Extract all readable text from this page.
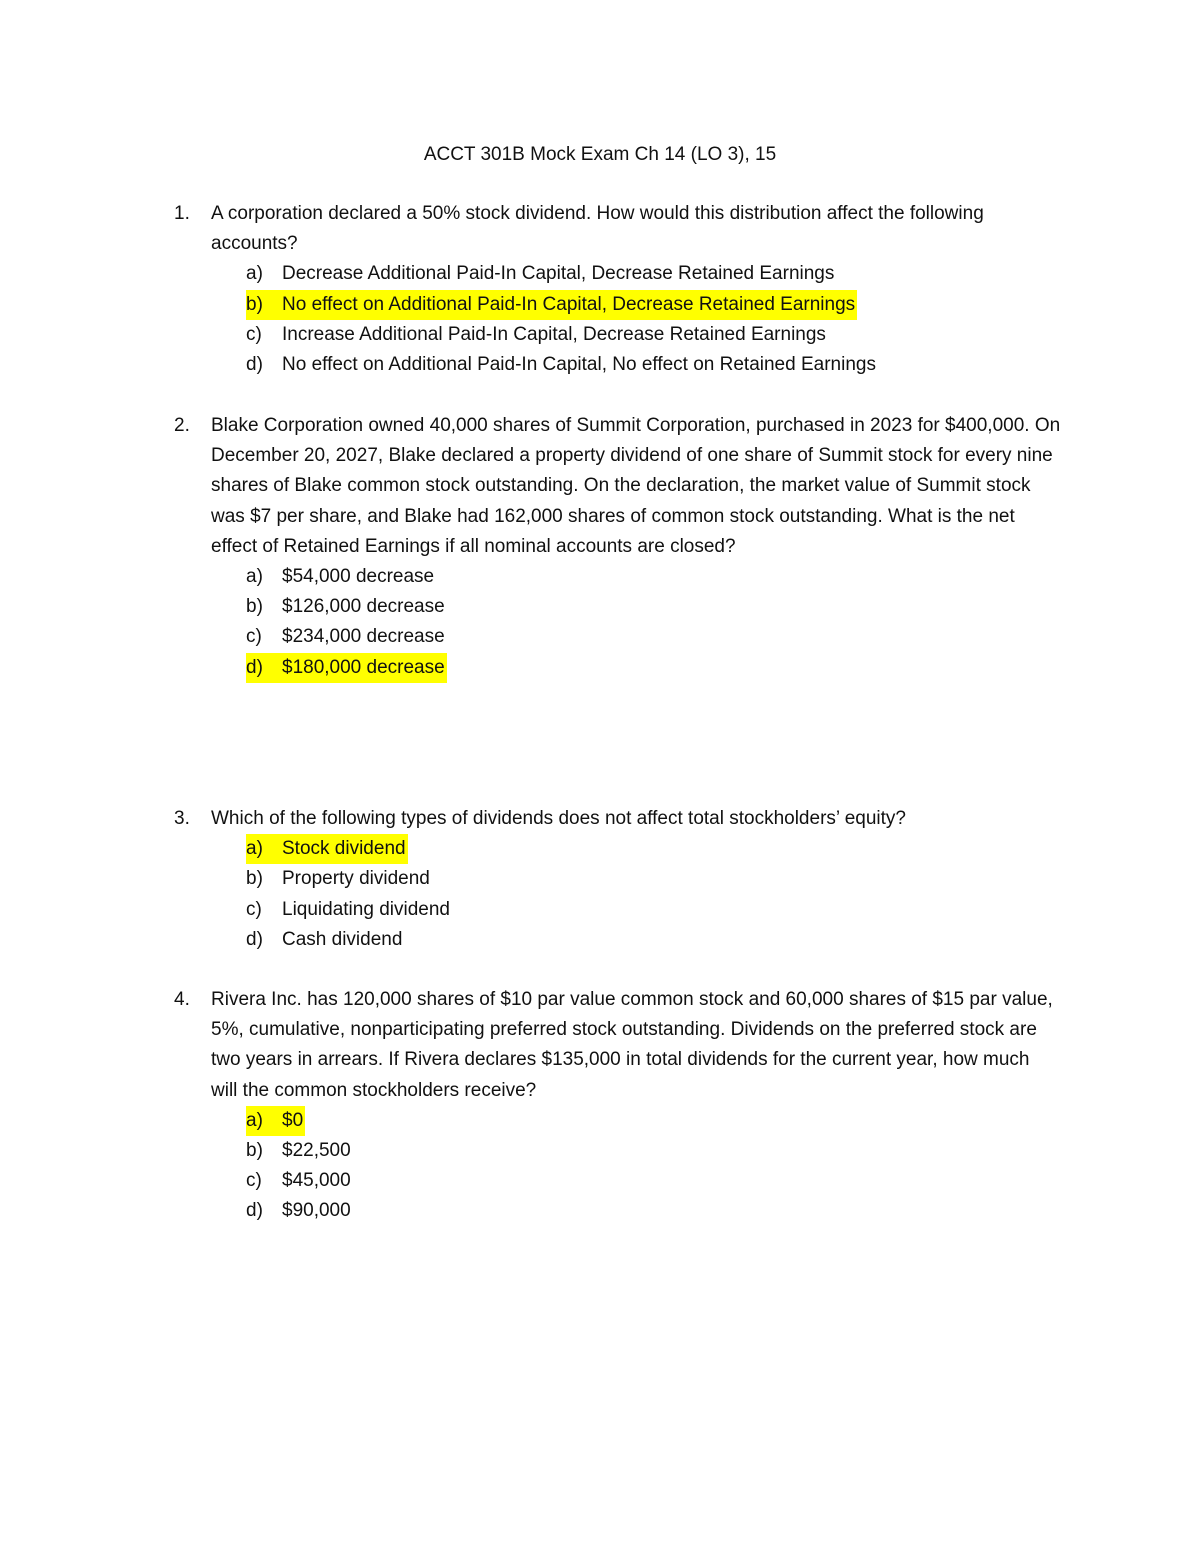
ACCT 301B Mock Exam Ch 14 (LO 3), 15
1. A corporation declared a 50% stock dividend. How would this distribution affect the following accounts?
a) Decrease Additional Paid-In Capital, Decrease Retained Earnings
b) No effect on Additional Paid-In Capital, Decrease Retained Earnings
c) Increase Additional Paid-In Capital, Decrease Retained Earnings
d) No effect on Additional Paid-In Capital, No effect on Retained Earnings
2. Blake Corporation owned 40,000 shares of Summit Corporation, purchased in 2023 for $400,000. On December 20, 2027, Blake declared a property dividend of one share of Summit stock for every nine shares of Blake common stock outstanding. On the declaration, the market value of Summit stock was $7 per share, and Blake had 162,000 shares of common stock outstanding. What is the net effect of Retained Earnings if all nominal accounts are closed?
a) $54,000 decrease
b) $126,000 decrease
c) $234,000 decrease
d) $180,000 decrease
3. Which of the following types of dividends does not affect total stockholders’ equity?
a) Stock dividend
b) Property dividend
c) Liquidating dividend
d) Cash dividend
4. Rivera Inc. has 120,000 shares of $10 par value common stock and 60,000 shares of $15 par value, 5%, cumulative, nonparticipating preferred stock outstanding. Dividends on the preferred stock are two years in arrears. If Rivera declares $135,000 in total dividends for the current year, how much will the common stockholders receive?
a) $0
b) $22,500
c) $45,000
d) $90,000
